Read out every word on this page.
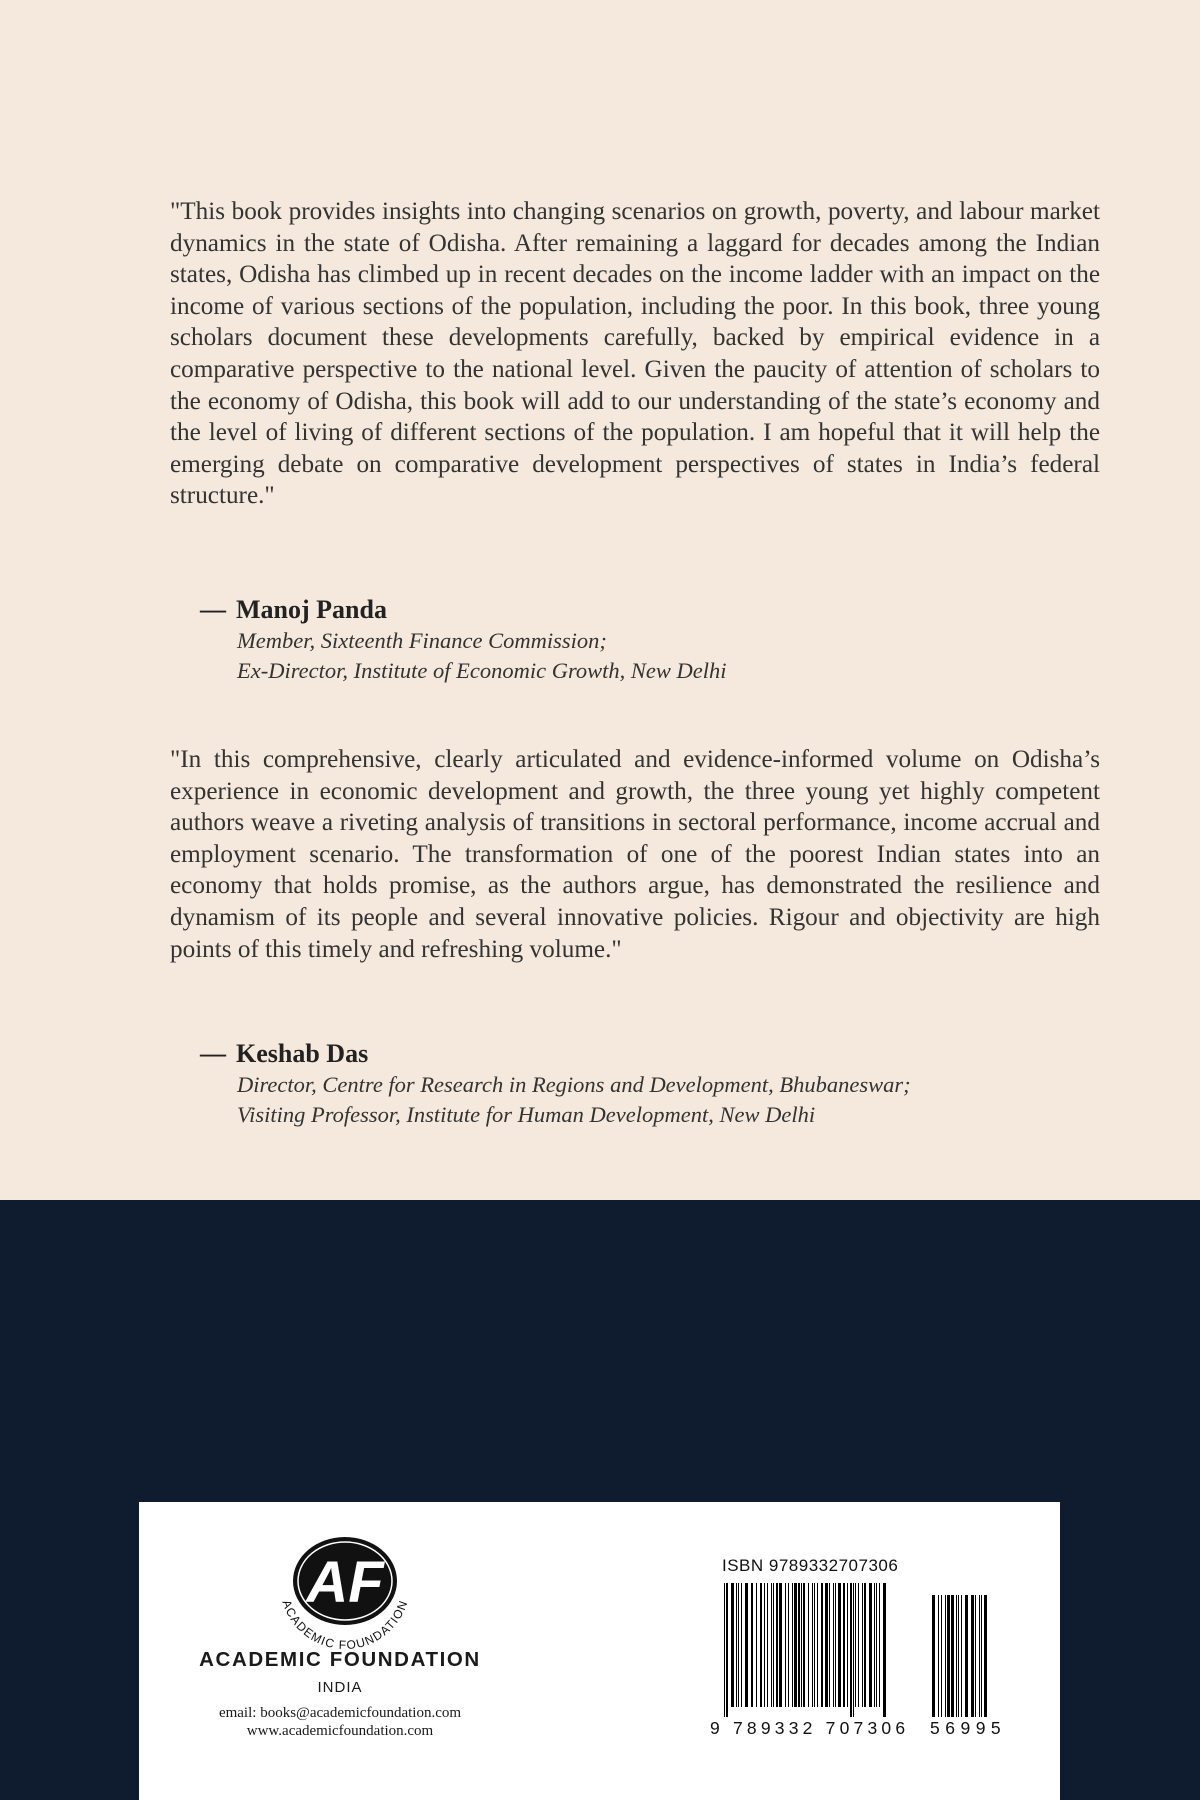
"This book provides insights into changing scenarios on growth, poverty, and labour market dynamics in the state of Odisha. After remaining a laggard for decades among the Indian states, Odisha has climbed up in recent decades on the income ladder with an impact on the income of various sections of the population, including the poor. In this book, three young scholars document these developments carefully, backed by empirical evidence in a comparative perspective to the national level. Given the paucity of attention of scholars to the economy of Odisha, this book will add to our understanding of the state’s economy and the level of living of different sections of the population. I am hopeful that it will help the emerging debate on comparative development perspectives of states in India’s federal structure."

— Manoj Panda
Member, Sixteenth Finance Commission;
Ex-Director, Institute of Economic Growth, New Delhi

"In this comprehensive, clearly articulated and evidence-informed volume on Odisha’s experience in economic development and growth, the three young yet highly competent authors weave a riveting analysis of transitions in sectoral performance, income accrual and employment scenario. The transformation of one of the poorest Indian states into an economy that holds promise, as the authors argue, has demonstrated the resilience and dynamism of its people and several innovative policies. Rigour and objectivity are high points of this timely and refreshing volume."

— Keshab Das
Director, Centre for Research in Regions and Development, Bhubaneswar;
Visiting Professor, Institute for Human Development, New Delhi
AF
ACADEMIC FOUNDATION
ACADEMIC FOUNDATION
INDIA
email: books@academicfoundation.com
www.academicfoundation.com
ISBN 9789332707306
9 789332 707306 56995
